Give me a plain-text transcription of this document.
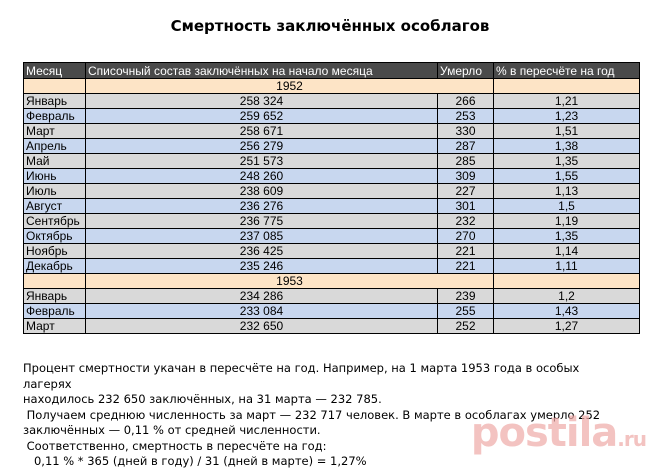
Смертность заключённых особлагов
Месяц	Списочный состав заключённых на начало месяца	Умерло	% в пересчёте на год
	1952		
Январь	258 324	266	1,21
Февраль	259 652	253	1,23
Март	258 671	330	1,51
Апрель	256 279	287	1,38
Май	251 573	285	1,35
Июнь	248 260	309	1,55
Июль	238 609	227	1,13
Август	236 276	301	1,5
Сентябрь	236 775	232	1,19
Октябрь	237 085	270	1,35
Ноябрь	236 425	221	1,14
Декабрь	235 246	221	1,11
	1953		
Январь	234 286	239	1,2
Февраль	233 084	255	1,43
Март	232 650	252	1,27

Процент смертности укачан в пересчёте на год. Например, на 1 марта 1953 года в особых лагерях

находилось 232 650 заключённых, на 31 марта — 232 785.

Получаем среднюю численность за март — 232 717 человек. В марте в особлагах умерло 252

заключённых — 0,11 % от средней численности.

Соответственно, смертность в пересчёте на год:

0,11 % * 365 (дней в году) / 31 (дней в марте) = 1,27%

postila.ru
